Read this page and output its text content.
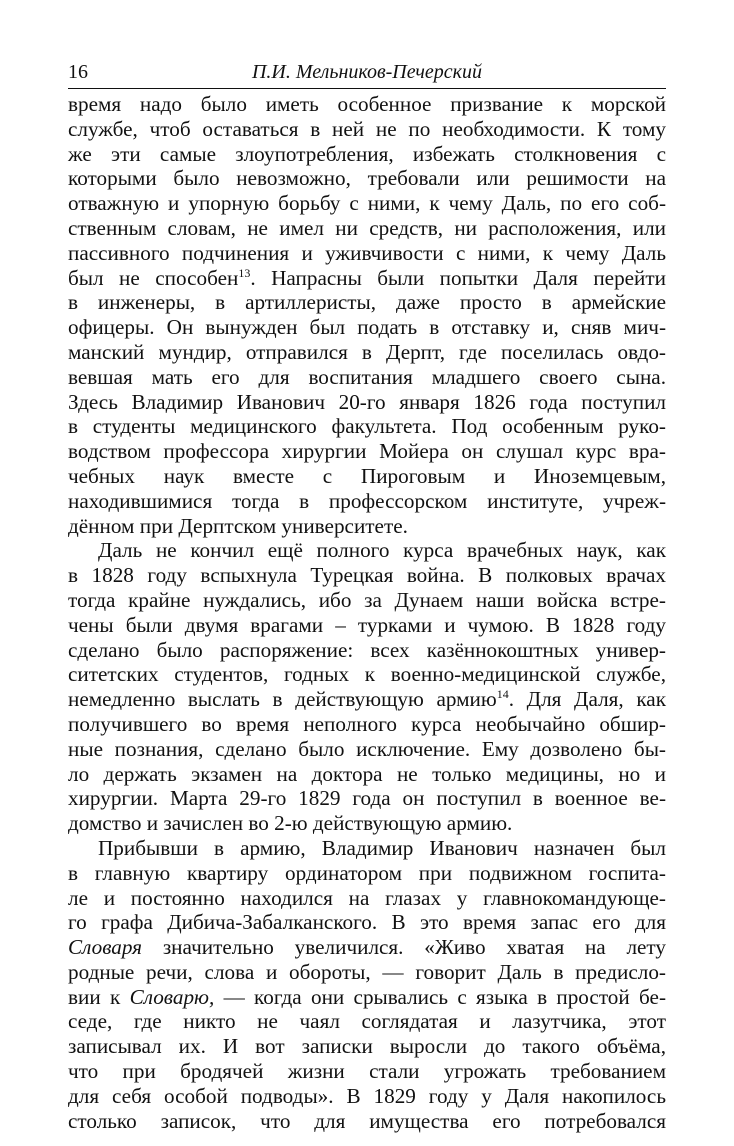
16	П.И. Мельников-Печерский
время надо было иметь особенное призвание к морской
службе, чтоб оставаться в ней не по необходимости. К тому
же эти самые злоупотребления, избежать столкновения с
которыми было невозможно, требовали или решимости на
отважную и упорную борьбу с ними, к чему Даль, по его соб-
ственным словам, не имел ни средств, ни расположения, или
пассивного подчинения и уживчивости с ними, к чему Даль
был не способен$^{13}$. Напрасны были попытки Даля перейти
в инженеры, в артиллеристы, даже просто в армейские
офицеры. Он вынужден был подать в отставку и, сняв мич-
манский мундир, отправился в Дерпт, где поселилась овдо-
вевшая мать его для воспитания младшего своего сына.
Здесь Владимир Иванович 20-го января 1826 года поступил
в студенты медицинского факультета. Под особенным руко-
водством профессора хирургии Мойера он слушал курс вра-
чебных наук вместе с Пироговым и Иноземцевым,
находившимися тогда в профессорском институте, учреж-
дённом при Дерптском университете.
Даль не кончил ещё полного курса врачебных наук, как
в 1828 году вспыхнула Турецкая война. В полковых врачах
тогда крайне нуждались, ибо за Дунаем наши войска встре-
чены были двумя врагами – турками и чумою. В 1828 году
сделано было распоряжение: всех казённокоштных универ-
ситетских студентов, годных к военно-медицинской службе,
немедленно выслать в действующую армию$^{14}$. Для Даля, как
получившего во время неполного курса необычайно обшир-
ные познания, сделано было исключение. Ему дозволено бы-
ло держать экзамен на доктора не только медицины, но и
хирургии. Марта 29-го 1829 года он поступил в военное ве-
домство и зачислен во 2-ю действующую армию.
Прибывши в армию, Владимир Иванович назначен был
в главную квартиру ординатором при подвижном госпита-
ле и постоянно находился на глазах у главнокомандующе-
го графа Дибича-Забалканского. В это время запас его для
Словаря значительно увеличился. «Живо хватая на лету
родные речи, слова и обороты, — говорит Даль в предисло-
вии к Словарю, — когда они срывались с языка в простой бе-
седе, где никто не чаял соглядатая и лазутчика, этот
записывал их. И вот записки выросли до такого объёма,
что при бродячей жизни стали угрожать требованием
для себя особой подводы». В 1829 году у Даля накопилось
столько записок, что для имущества его потребовался
